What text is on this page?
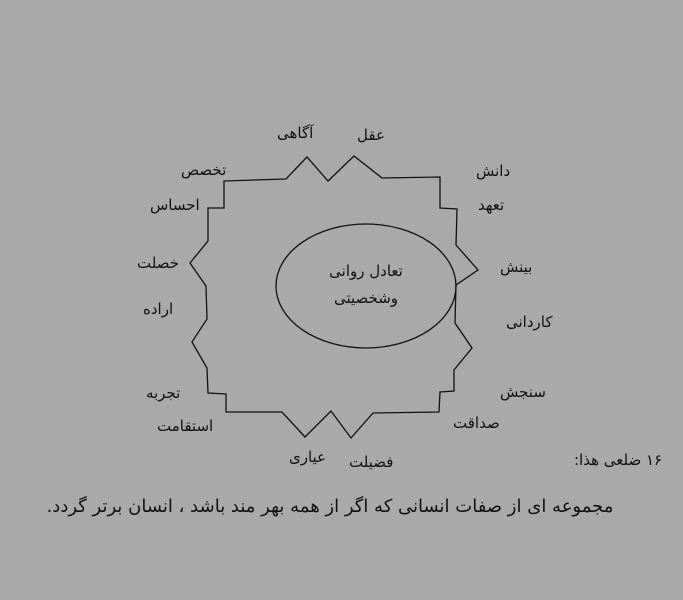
تعادل روانی
وشخصیتی
عقل
آگاهی
تخصص
احساس
خصلت
اراده
تجربه
استقامت
عیاری فضیلت
صداقت
سنجش
کاردانی
بینش
تعهد
دانش
۱۶ ضلعی هذا:
مجموعه ای از صفات انسانی که اگر از همه بهر مند باشد ، انسان برتر گردد.
